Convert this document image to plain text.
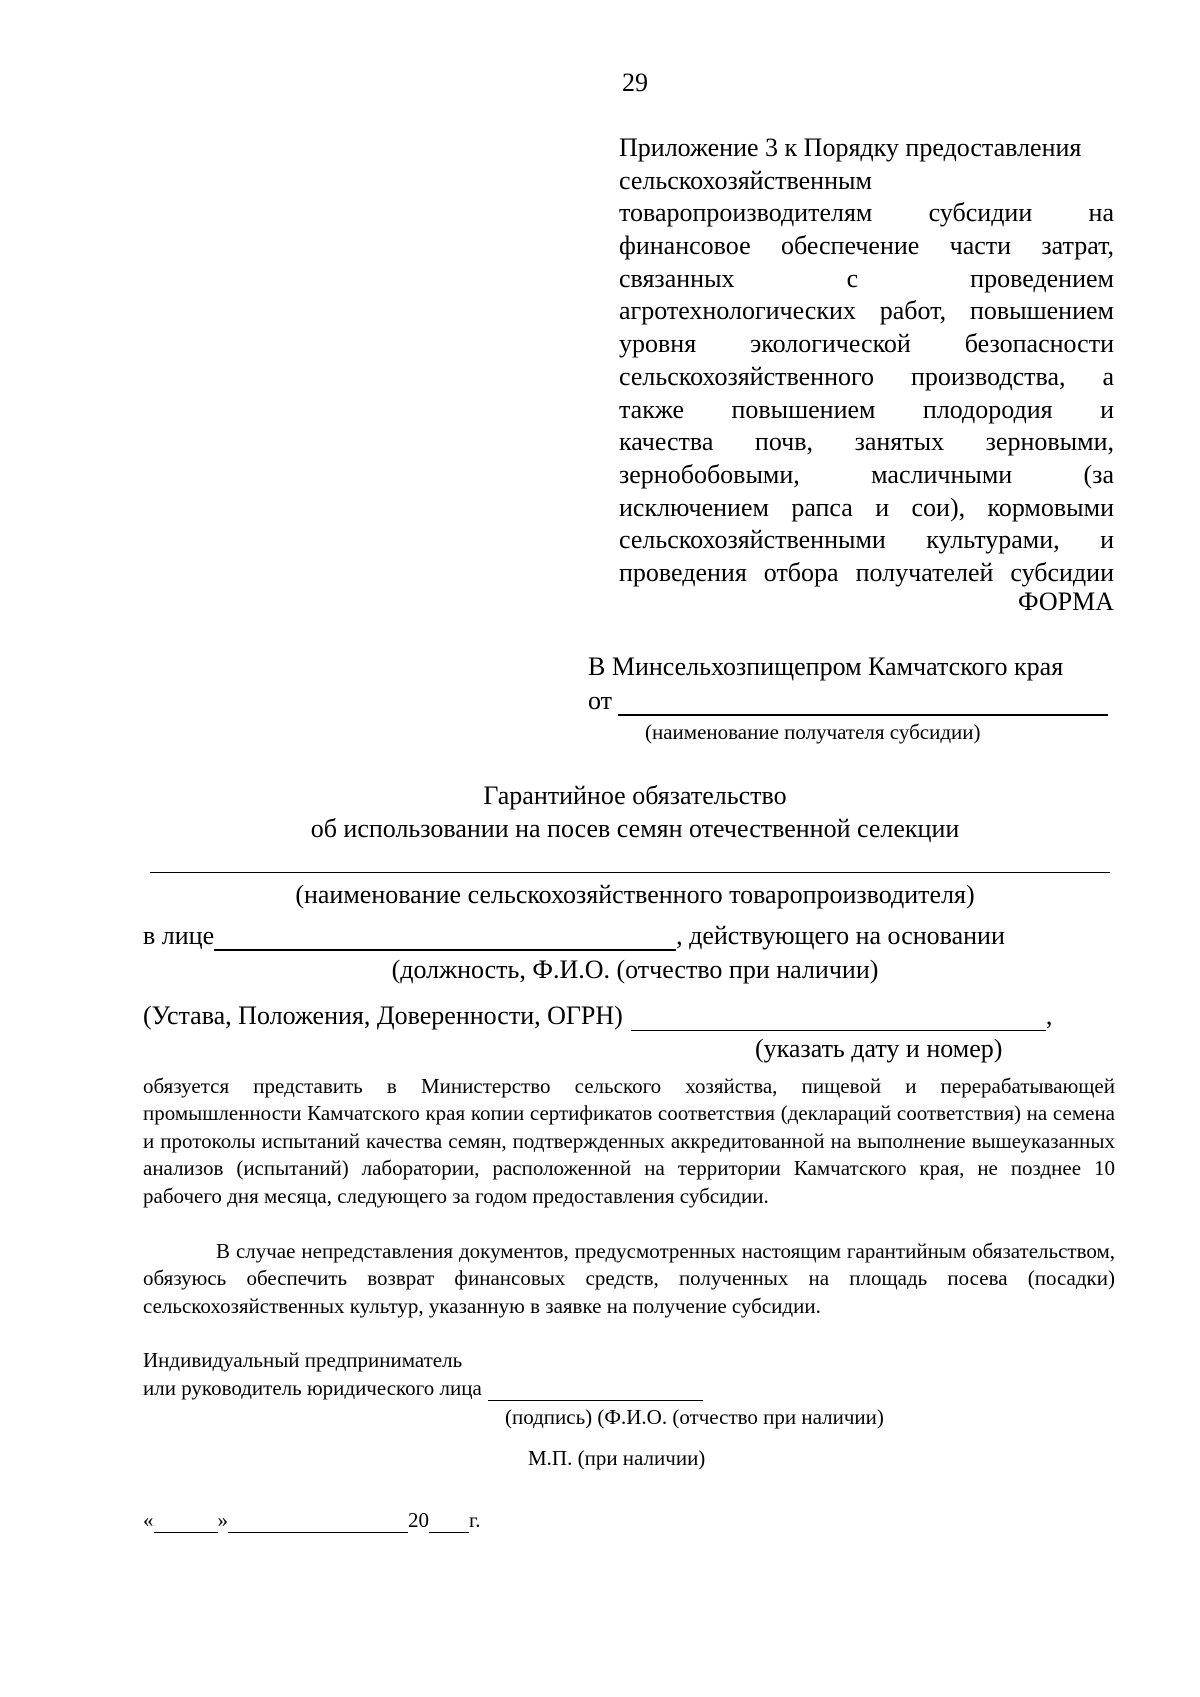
29
Приложение 3 к Порядку предоставления
сельскохозяйственным
товаропроизводителям субсидии на
финансовое обеспечение части затрат,
связанных с проведением
агротехнологических работ, повышением
уровня экологической безопасности
сельскохозяйственного производства, а
также повышением плодородия и
качества почв, занятых зерновыми,
зернобобовыми, масличными (за
исключением рапса и сои), кормовыми
сельскохозяйственными культурами, и
проведения отбора получателей субсидии
ФОРМА
В Минсельхозпищепром Камчатского края
от
(наименование получателя субсидии)
Гарантийное обязательство
об использовании на посев семян отечественной селекции
(наименование сельскохозяйственного товаропроизводителя)
в лице	, действующего на основании
(должность, Ф.И.О. (отчество при наличии)
(Устава, Положения, Доверенности, ОГРН)	,
(указать дату и номер)
обязуется представить в Министерство сельского хозяйства, пищевой и перерабатывающей промышленности Камчатского края копии сертификатов соответствия (деклараций соответствия) на семена и протоколы испытаний качества семян, подтвержденных аккредитованной на выполнение вышеуказанных анализов (испытаний) лаборатории, расположенной на территории Камчатского края, не позднее 10 рабочего дня месяца, следующего за годом предоставления субсидии.
В случае непредставления документов, предусмотренных настоящим гарантийным обязательством, обязуюсь обеспечить возврат финансовых средств, полученных на площадь посева (посадки) сельскохозяйственных культур, указанную в заявке на получение субсидии.
Индивидуальный предприниматель
или руководитель юридического лица
(подпись) (Ф.И.О. (отчество при наличии)
М.П. (при наличии)
«	»	20 г.
